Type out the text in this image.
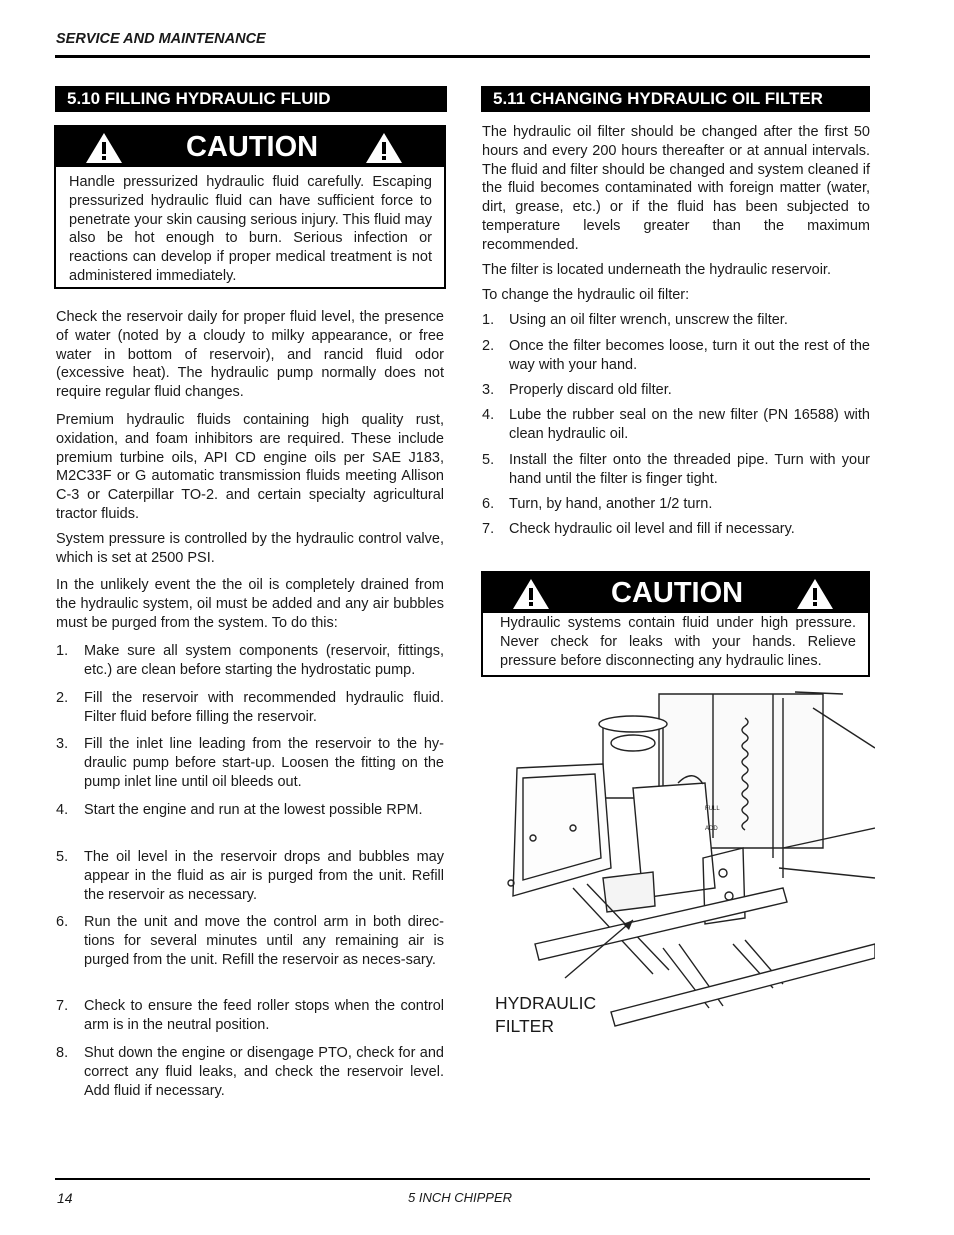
SERVICE AND MAINTENANCE
5.10 FILLING HYDRAULIC FLUID
CAUTION
Handle pressurized hydraulic fluid carefully. Escaping pressurized hydraulic fluid can have sufficient force to penetrate your skin causing serious injury. This fluid may also be hot enough to burn. Serious infection or reactions can develop if proper medical treatment is not administered immediately.

Check the reservoir daily for proper fluid level, the presence of water (noted by a cloudy to milky appearance, or free water in bottom of reservoir), and rancid fluid odor (excessive heat). The hydraulic pump normally does not require regular fluid changes.

Premium hydraulic fluids containing high quality rust, oxidation, and foam inhibitors are required. These include premium turbine oils, API CD engine oils per SAE J183, M2C33F or G automatic transmission fluids meeting Allison C-3 or Caterpillar TO-2. and certain specialty agricultural tractor fluids.

System pressure is controlled by the hydraulic control valve, which is set at 2500 PSI.

In the unlikely event the the oil is completely drained from the hydraulic system, oil must be added and any air bubbles must be purged from the system. To do this:

1. Make sure all system components (reservoir, fittings, etc.) are clean before starting the hydrostatic pump.
2. Fill the reservoir with recommended hydraulic fluid. Filter fluid before filling the reservoir.
3. Fill the inlet line leading from the reservoir to the hy-draulic pump before start-up. Loosen the fitting on the pump inlet line until oil bleeds out.
4. Start the engine and run at the lowest possible RPM.
5. The oil level in the reservoir drops and bubbles may appear in the fluid as air is purged from the unit. Refill the reservoir as necessary.
6. Run the unit and move the control arm in both direc-tions for several minutes until any remaining air is purged from the unit. Refill the reservoir as neces-sary.
7. Check to ensure the feed roller stops when the control arm is in the neutral position.
8. Shut down the engine or disengage PTO, check for and correct any fluid leaks, and check the reservoir level. Add fluid if necessary.
5.11 CHANGING HYDRAULIC OIL FILTER

The hydraulic oil filter should be changed after the first 50 hours and every 200 hours thereafter or at annual intervals. The fluid and filter should be changed and system cleaned if the fluid becomes contaminated with foreign matter (water, dirt, grease, etc.) or if the fluid has been subjected to temperature levels greater than the maximum recommended.

The filter is located underneath the hydraulic reservoir.

To change the hydraulic oil filter:

1. Using an oil filter wrench, unscrew the filter.
2. Once the filter becomes loose, turn it out the rest of the way with your hand.
3. Properly discard old filter.
4. Lube the rubber seal on the new filter (PN 16588) with clean hydraulic oil.
5. Install the filter onto the threaded pipe. Turn with your hand until the filter is finger tight.
6. Turn, by hand, another 1/2 turn.
7. Check hydraulic oil level and fill if necessary.
CAUTION
Hydraulic systems contain fluid under high pressure. Never check for leaks with your hands. Relieve pressure before disconnecting any hydraulic lines.
FULL
ADD
HYDRAULIC
FILTER
14	5 INCH CHIPPER
